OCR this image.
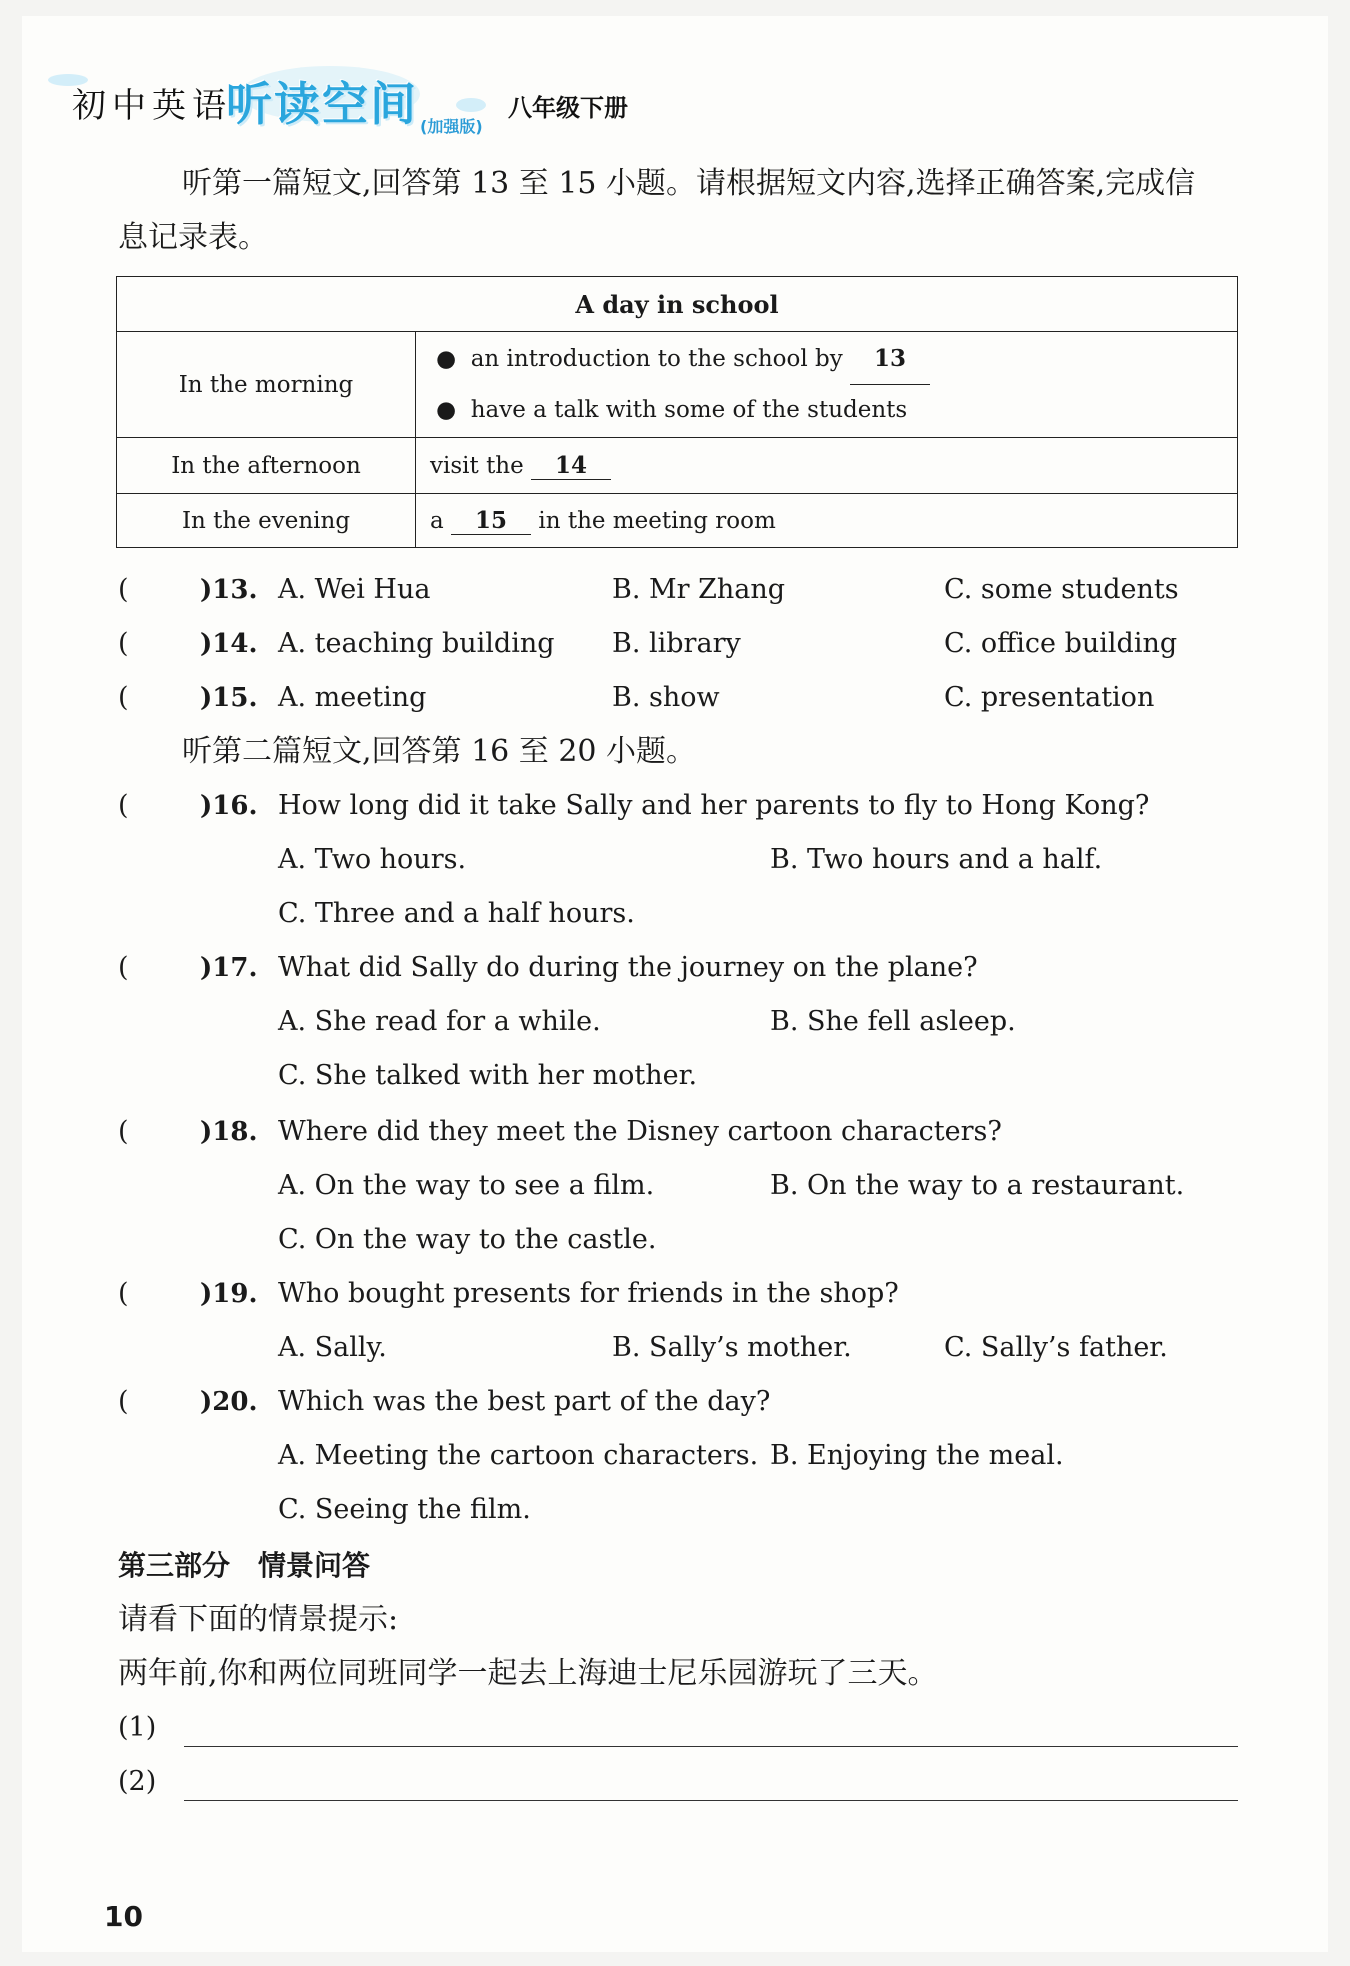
初中英语
听读空间 (加强版)
八年级下册
听第一篇短文,回答第 13 至 15 小题。请根据短文内容,选择正确答案,完成信
息记录表。
A day in school	
In the morning	● an introduction to the school by 13
● have a talk with some of the students

In the afternoon	visit the 14
In the evening	a 15 in the meeting room
(	)13. A. Wei Hua	B. Mr Zhang	C. some students
(	)14. A. teaching building B. library	C. office building
(	)15. A. meeting	B. show	C. presentation
听第二篇短文,回答第 16 至 20 小题。
(	)16. How long did it take Sally and her parents to fly to Hong Kong?
A. Two hours.	B. Two hours and a half.
C. Three and a half hours.
(	)17. What did Sally do during the journey on the plane?
A. She read for a while.	B. She fell asleep.
C. She talked with her mother.
(	)18. Where did they meet the Disney cartoon characters?
A. On the way to see a film.	B. On the way to a restaurant.
C. On the way to the castle.
(	)19. Who bought presents for friends in the shop?
A. Sally.	B. Sally’s mother.	C. Sally’s father.
(	)20. Which was the best part of the day?
A. Meeting the cartoon characters. B. Enjoying the meal.
C. Seeing the film.
第三部分　情景问答
请看下面的情景提示:
两年前,你和两位同班同学一起去上海迪士尼乐园游玩了三天。
(1)
(2)
10
